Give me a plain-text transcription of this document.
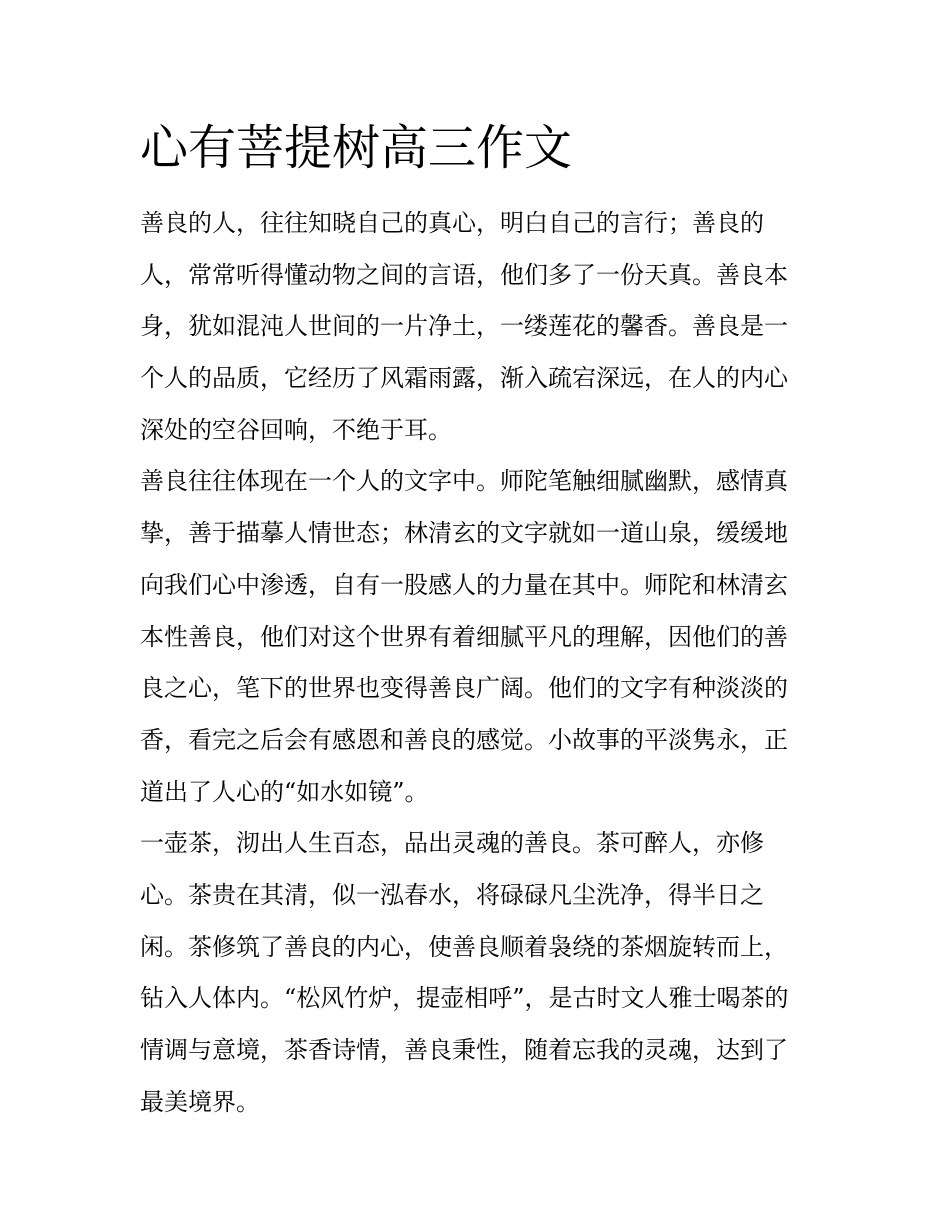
心有菩提树高三作文
善良的人，往往知晓自己的真心，明白自己的言行；善良的
人，常常听得懂动物之间的言语，他们多了一份天真。善良本
身，犹如混沌人世间的一片净土，一缕莲花的馨香。善良是一
个人的品质，它经历了风霜雨露，渐入疏宕深远，在人的内心
深处的空谷回响，不绝于耳。
善良往往体现在一个人的文字中。师陀笔触细腻幽默，感情真
挚，善于描摹人情世态；林清玄的文字就如一道山泉，缓缓地
向我们心中渗透，自有一股感人的力量在其中。师陀和林清玄
本性善良，他们对这个世界有着细腻平凡的理解，因他们的善
良之心，笔下的世界也变得善良广阔。他们的文字有种淡淡的
香，看完之后会有感恩和善良的感觉。小故事的平淡隽永，正
道出了人心的“如水如镜”。
一壶茶，沏出人生百态，品出灵魂的善良。茶可醉人，亦修
心。茶贵在其清，似一泓春水，将碌碌凡尘洗净，得半日之
闲。茶修筑了善良的内心，使善良顺着袅绕的茶烟旋转而上，
钻入人体内。“松风竹炉，提壶相呼”，是古时文人雅士喝茶的
情调与意境，茶香诗情，善良秉性，随着忘我的灵魂，达到了
最美境界。
